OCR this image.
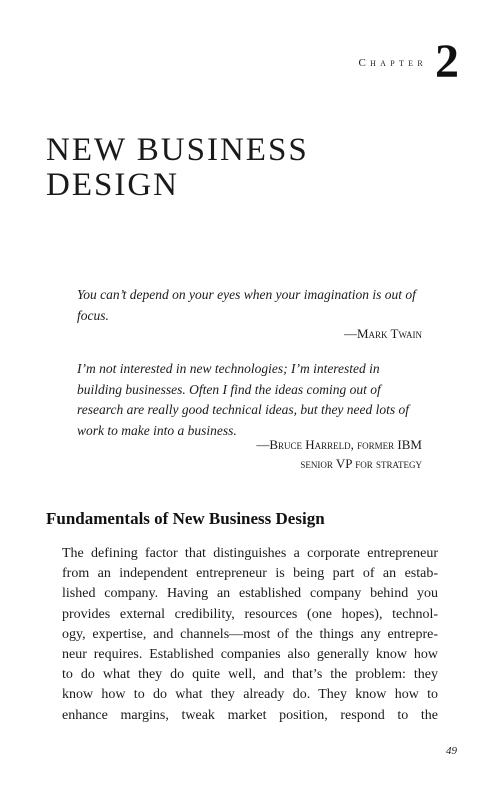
Chapter 2
NEW BUSINESS
DESIGN
You can’t depend on your eyes when your imagination is out of focus.
—Mark Twain
I’m not interested in new technologies; I’m interested in building businesses. Often I find the ideas coming out of research are really good technical ideas, but they need lots of work to make into a business.
—Bruce Harreld, former IBM
senior VP for strategy
Fundamentals of New Business Design
The defining factor that distinguishes a corporate entrepreneur
from an independent entrepreneur is being part of an estab-
lished company. Having an established company behind you
provides external credibility, resources (one hopes), technol-
ogy, expertise, and channels—most of the things any entrepre-
neur requires. Established companies also generally know how
to do what they do quite well, and that’s the problem: they
know how to do what they already do. They know how to
enhance margins, tweak market position, respond to the
49
